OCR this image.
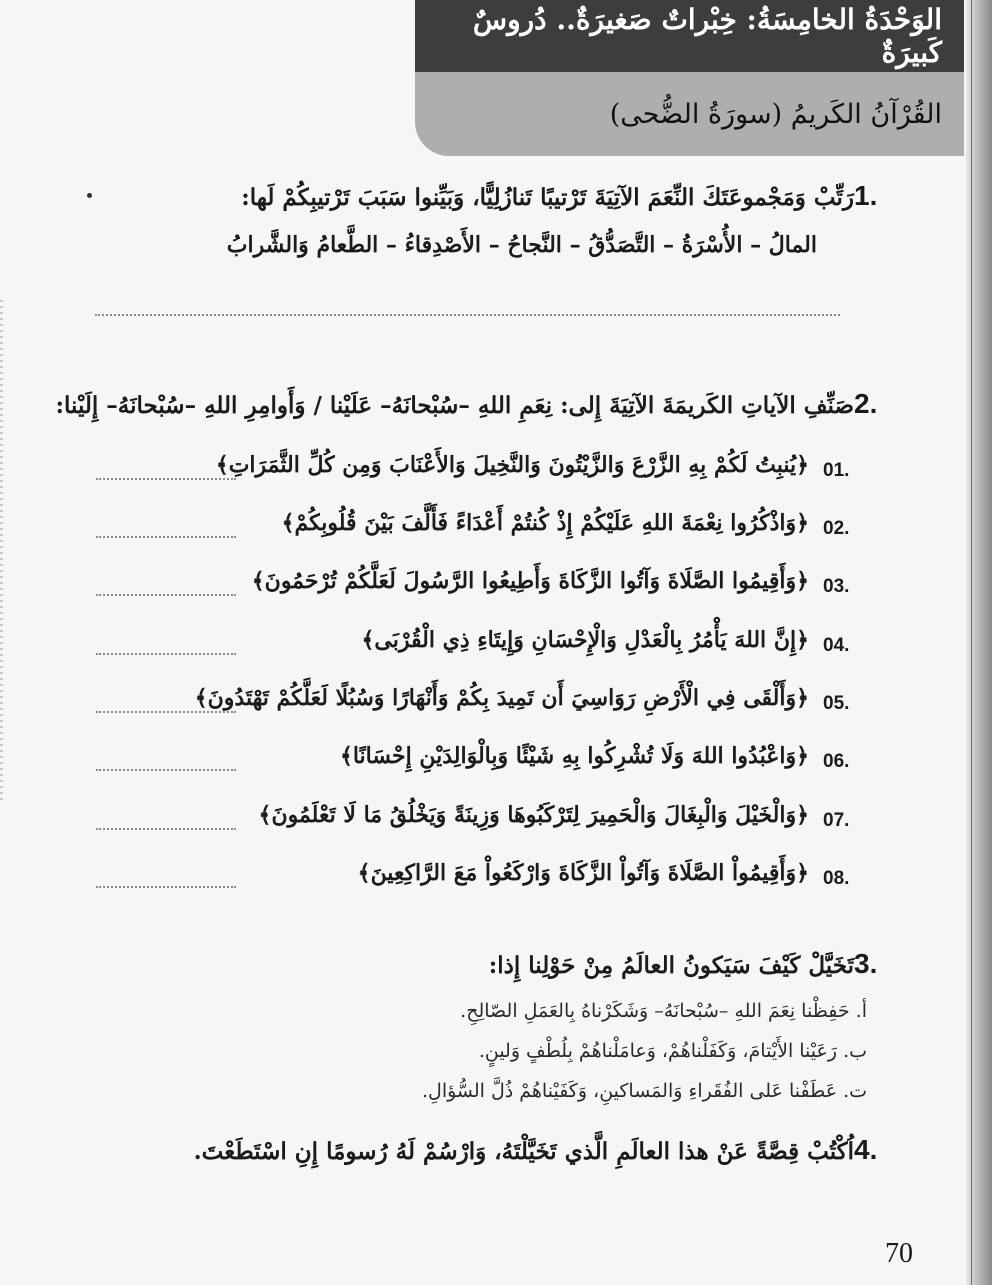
الوَحْدَةُ الخامِسَةُ: خِبْراتٌ صَغيرَةٌ.. دُروسٌ كَبيرَةٌ
القُرْآنُ الكَريمُ (سورَةُ الضُّحى)
1.
رَتِّبْ وَمَجْموعَتَكَ النِّعَمَ الآتِيَةَ تَرْتيبًا تَنازُلِيًّا، وَبَيِّنوا سَبَبَ تَرْتيبِكُمْ لَها:
المالُ – الأُسْرَةُ – التَّصَدُّقُ – النَّجاحُ – الأَصْدِقاءُ – الطَّعامُ وَالشَّرابُ
2.
صَنِّفِ الآياتِ الكَريمَةَ الآتِيَةَ إِلى: نِعَمِ اللهِ –سُبْحانَهُ– عَلَيْنا / وَأَوامِرِ اللهِ –سُبْحانَهُ– إِلَيْنا:
01.
﴿يُنبِتُ لَكُمْ بِهِ الزَّرْعَ وَالزَّيْتُونَ وَالنَّخِيلَ وَالأَعْنَابَ وَمِن كُلِّ الثَّمَرَاتِ﴾
02.
﴿وَاذْكُرُوا نِعْمَةَ اللهِ عَلَيْكُمْ إِذْ كُنتُمْ أَعْدَاءً فَأَلَّفَ بَيْنَ قُلُوبِكُمْ﴾
03.
﴿وَأَقِيمُوا الصَّلَاةَ وَآتُوا الزَّكَاةَ وَأَطِيعُوا الرَّسُولَ لَعَلَّكُمْ تُرْحَمُونَ﴾
04.
﴿إِنَّ اللهَ يَأْمُرُ بِالْعَدْلِ وَالْإِحْسَانِ وَإِيتَاءِ ذِي الْقُرْبَى﴾
05.
﴿وَأَلْقَى فِي الْأَرْضِ رَوَاسِيَ أَن تَمِيدَ بِكُمْ وَأَنْهَارًا وَسُبُلًا لَعَلَّكُمْ تَهْتَدُونَ﴾
06.
﴿وَاعْبُدُوا اللهَ وَلَا تُشْرِكُوا بِهِ شَيْئًا وَبِالْوَالِدَيْنِ إِحْسَانًا﴾
07.
﴿وَالْخَيْلَ وَالْبِغَالَ وَالْحَمِيرَ لِتَرْكَبُوهَا وَزِينَةً وَيَخْلُقُ مَا لَا تَعْلَمُونَ﴾
08.
﴿وَأَقِيمُواْ الصَّلَاةَ وَآتُواْ الزَّكَاةَ وَارْكَعُواْ مَعَ الرَّاكِعِينَ﴾
3.
تَخَيَّلْ كَيْفَ سَيَكونُ العالَمُ مِنْ حَوْلِنا إِذا:
أ. حَفِظْنا نِعَمَ اللهِ –سُبْحانَهُ– وَشَكَرْناهُ بِالعَمَلِ الصّالِحِ.
ب. رَعَيْنا الأَيْتامَ، وَكَفَلْناهُمْ، وَعامَلْناهُمْ بِلُطْفٍ وَلينٍ.
ت. عَطَفْنا عَلى الفُقَراءِ وَالمَساكينِ، وَكَفَيْناهُمْ ذُلَّ السُّؤالِ.
4.
اُكْتُبْ قِصَّةً عَنْ هذا العالَمِ الَّذي تَخَيَّلْتَهُ، وَارْسُمْ لَهُ رُسومًا إِنِ اسْتَطَعْتَ.
70
